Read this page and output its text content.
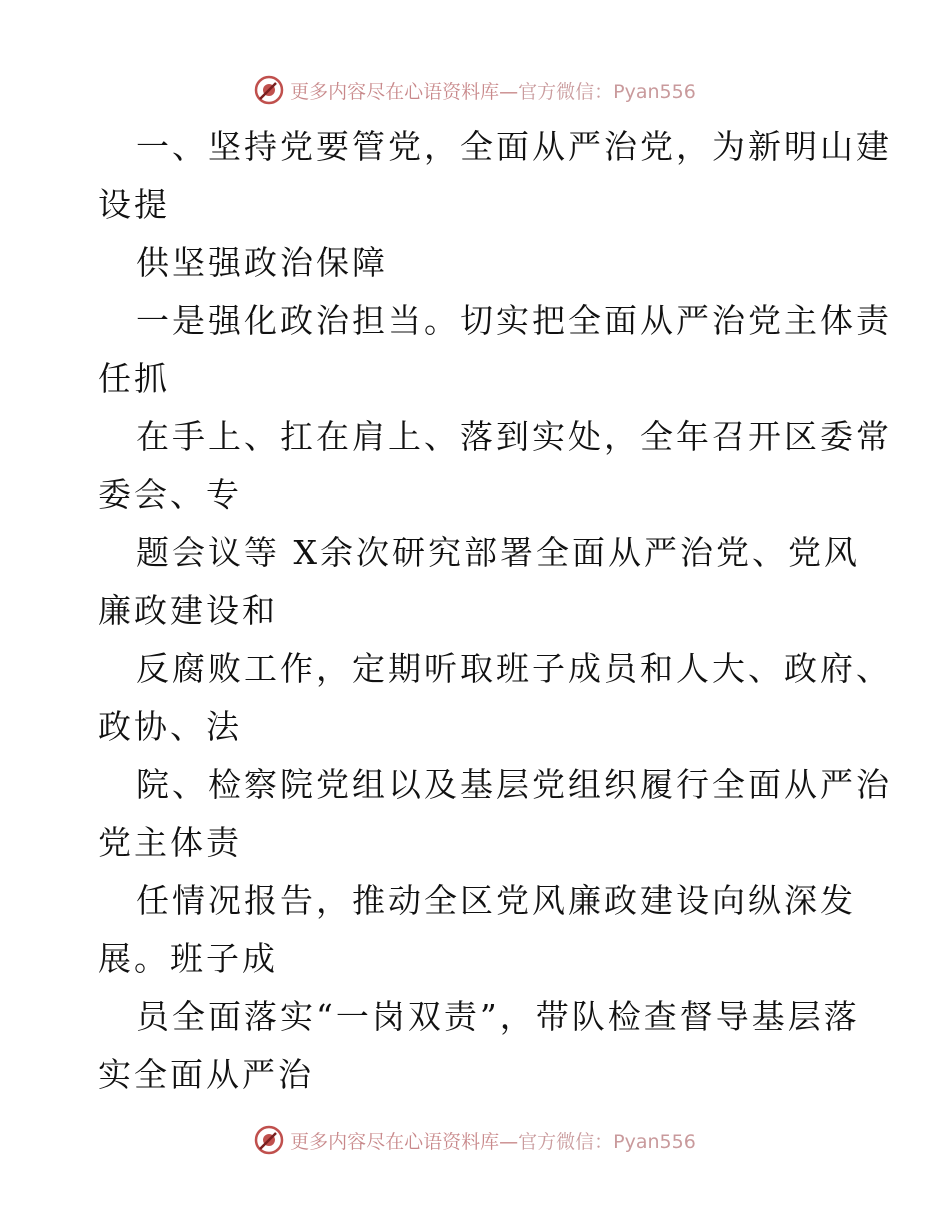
更多内容尽在心语资料库—官方微信：Pyan556
一、坚持党要管党，全面从严治党，为新明山建
设提
供坚强政治保障
一是强化政治担当。切实把全面从严治党主体责
任抓
在手上、扛在肩上、落到实处，全年召开区委常
委会、专
题会议等 X余次研究部署全面从严治党、党风
廉政建设和
反腐败工作，定期听取班子成员和人大、政府、
政协、法
院、检察院党组以及基层党组织履行全面从严治
党主体责
任情况报告，推动全区党风廉政建设向纵深发
展。班子成
员全面落实“一岗双责”，带队检查督导基层落
实全面从严治
更多内容尽在心语资料库—官方微信：Pyan556
